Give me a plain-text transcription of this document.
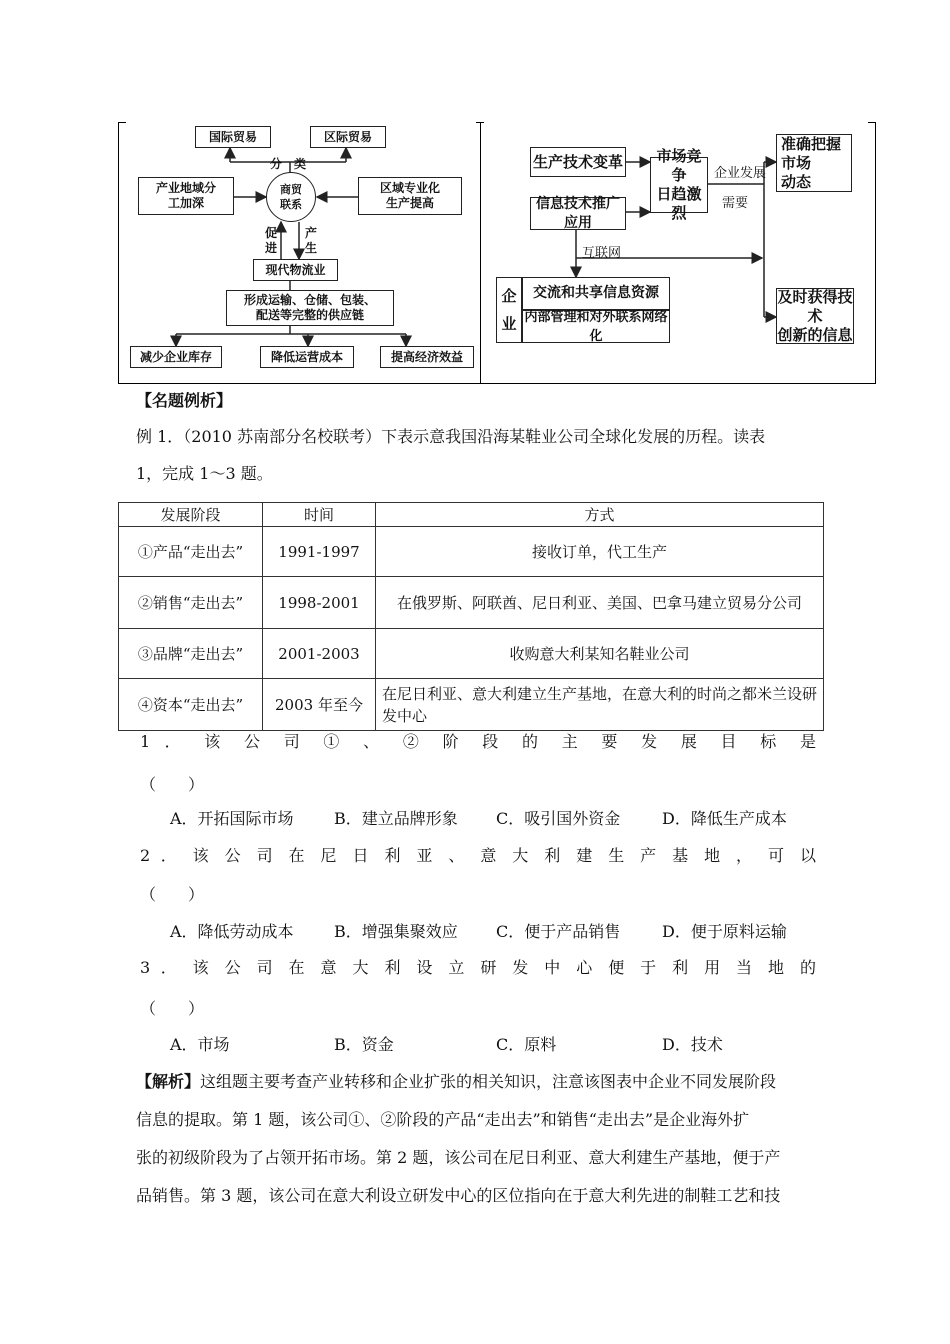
国际贸易	区际贸易
分　类
产业地域分
工加深
商贸
联系
区域专业化
生产提高
促进
产生
现代物流业
形成运输、仓储、包装、
配送等完整的供应链
减少企业库存	降低运营成本	提高经济效益
生产技术变革
信息技术推广应用
市场竞争
日趋激烈
企业发展
需要
准确把握市场
动态
互联网
企

业
交流和共享信息资源
内部管理和对外联系网络化
及时获得技术
创新的信息
【名题例析】
例 1．（2010 苏南部分名校联考）下表示意我国沿海某鞋业公司全球化发展的历程。读表
1，完成 1～3 题。
发展阶段	时间	方式
①产品“走出去”	1991-1997	接收订单，代工生产
②销售“走出去”	1998-2001	在俄罗斯、阿联酋、尼日利亚、美国、巴拿马建立贸易分公司
③品牌“走出去”	2001-2003	收购意大利某知名鞋业公司
④资本“走出去”	2003 年至今	在尼日利亚、意大利建立生产基地，在意大利的时尚之都米兰设研发中心
1 ． 该 公 司 ① 、 ② 阶 段 的 主 要 发 展 目 标 是
（　　）
A．开拓国际市场	B．建立品牌形象 C．吸引国外资金	D．降低生产成本
2 ． 该 公 司 在 尼 日 利 亚 、 意 大 利 建 生 产 基 地 ， 可 以
（　　）
A．降低劳动成本	B．增强集聚效应 C．便于产品销售	D．便于原料运输
3 ． 该 公 司 在 意 大 利 设 立 研 发 中 心 便 于 利 用 当 地 的
（　　）
A．市场	B．资金	C．原料	D．技术
【解析】这组题主要考查产业转移和企业扩张的相关知识，注意该图表中企业不同发展阶段
信息的提取。第 1 题，该公司①、②阶段的产品“走出去”和销售“走出去”是企业海外扩
张的初级阶段为了占领开拓市场。第 2 题，该公司在尼日利亚、意大利建生产基地，便于产
品销售。第 3 题，该公司在意大利设立研发中心的区位指向在于意大利先进的制鞋工艺和技
